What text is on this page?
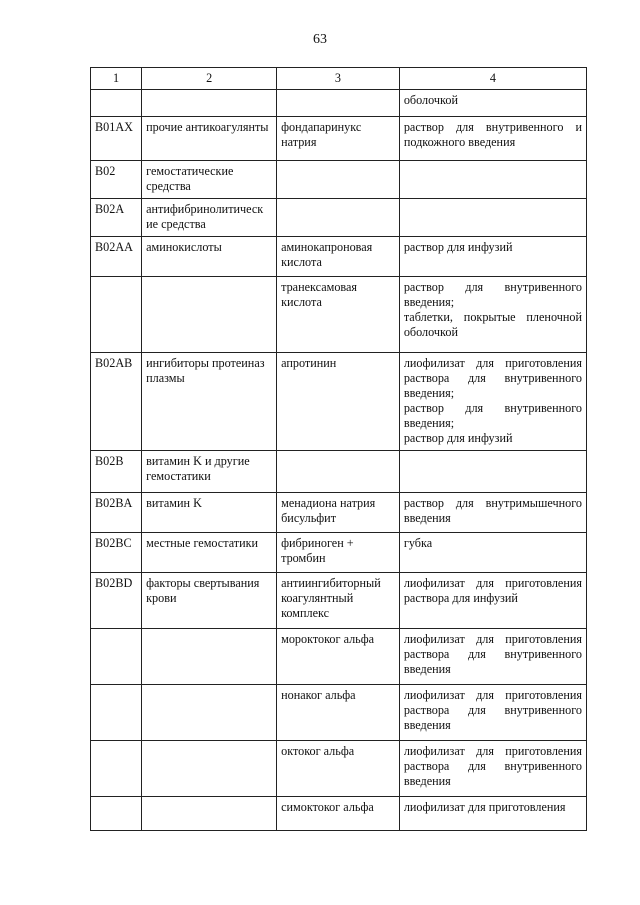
63
1	2	3	4

			оболочкой

B01AX	прочие антикоагулянты	фондапаринукс натрия	раствор для внутривенного и подкожного введения

B02	гемостатические средства		
B02A	антифибринолитическ ие средства		
B02AA	аминокислоты	аминокапроновая кислота	раствор для инфузий

		транексамовая кислота	раствор для внутривенного введения;
таблетки, покрытые пленочной оболочкой

B02AB	ингибиторы протеиназ плазмы	апротинин	лиофилизат для приготовления раствора для внутривенного введения;
раствор для внутривенного введения;
раствор для инфузий

B02B	витамин K и другие гемостатики		
B02BA	витамин K	менадиона натрия бисульфит	раствор для внутримышечного введения

B02BC	местные гемостатики	фибриноген + тромбин	губка

B02BD	факторы свертывания крови	антиингибиторный коагулянтный комплекс	лиофилизат для приготовления раствора для инфузий

		мороктоког альфа	лиофилизат для приготовления раствора для внутривенного введения

		нонаког альфа	лиофилизат для приготовления раствора для внутривенного введения

		октоког альфа	лиофилизат для приготовления раствора для внутривенного введения

		симоктоког альфа	лиофилизат для приготовления
